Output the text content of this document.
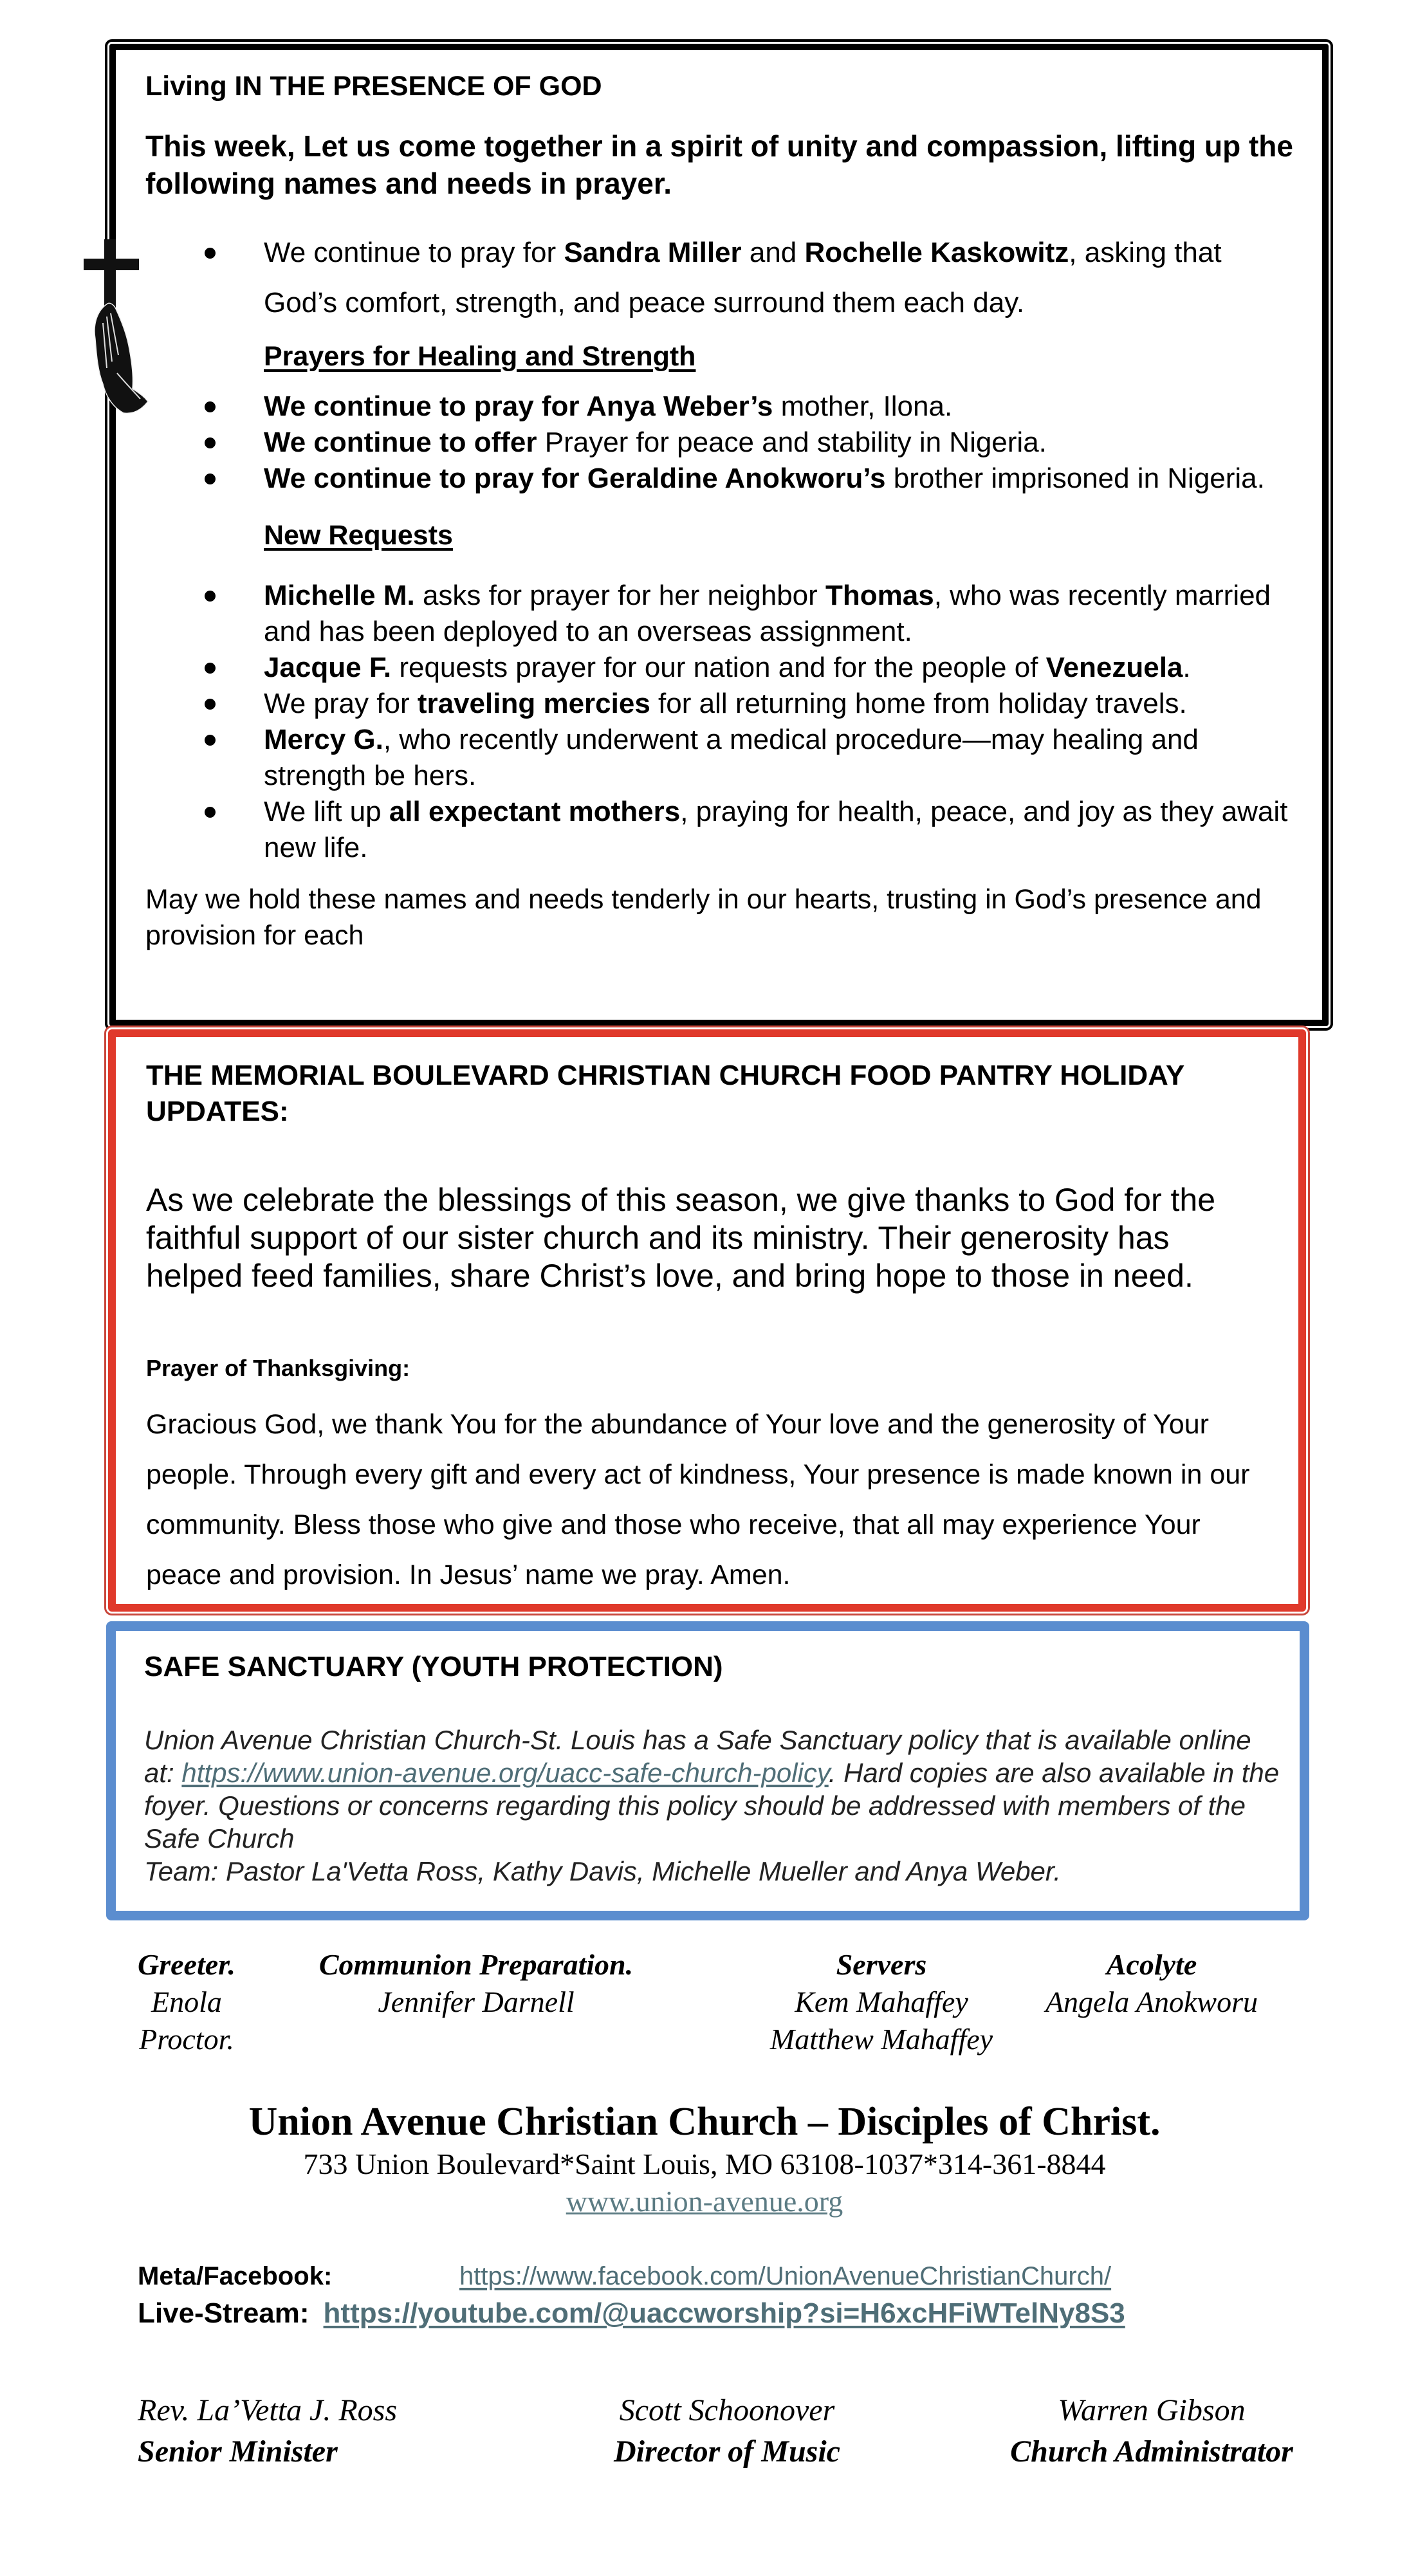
Living IN THE PRESENCE OF GOD
This week, Let us come together in a spirit of unity and compassion, lifting up the following names and needs in prayer.
We continue to pray for Sandra Miller and Rochelle Kaskowitz, asking that God’s comfort, strength, and peace surround them each day.
Prayers for Healing and Strength
We continue to pray for Anya Weber’s mother, Ilona.
We continue to offer Prayer for peace and stability in Nigeria.
We continue to pray for Geraldine Anokworu’s brother imprisoned in Nigeria.
New Requests
Michelle M. asks for prayer for her neighbor Thomas, who was recently married and has been deployed to an overseas assignment.
Jacque F. requests prayer for our nation and for the people of Venezuela.
We pray for traveling mercies for all returning home from holiday travels.
Mercy G., who recently underwent a medical procedure—may healing and strength be hers.
We lift up all expectant mothers, praying for health, peace, and joy as they await new life.
May we hold these names and needs tenderly in our hearts, trusting in God’s presence and provision for each
THE MEMORIAL BOULEVARD CHRISTIAN CHURCH FOOD PANTRY HOLIDAY UPDATES:
As we celebrate the blessings of this season, we give thanks to God for the faithful support of our sister church and its ministry. Their generosity has helped feed families, share Christ’s love, and bring hope to those in need.
Prayer of Thanksgiving:
Gracious God, we thank You for the abundance of Your love and the generosity of Your people. Through every gift and every act of kindness, Your presence is made known in our community. Bless those who give and those who receive, that all may experience Your peace and provision. In Jesus’ name we pray. Amen.
SAFE SANCTUARY (YOUTH PROTECTION)
Union Avenue Christian Church-St. Louis has a Safe Sanctuary policy that is available online at: https://www.union-avenue.org/uacc-safe-church-policy. Hard copies are also available in the foyer. Questions or concerns regarding this policy should be addressed with members of the Safe Church
Team: Pastor La'Vetta Ross, Kathy Davis, Michelle Mueller and Anya Weber.
Greeter.
Enola Proctor.
Communion Preparation.
Jennifer Darnell
Servers
Kem Mahaffey
Matthew Mahaffey
Acolyte
Angela Anokworu
Union Avenue Christian Church – Disciples of Christ.
733 Union Boulevard*Saint Louis, MO 63108-1037*314-361-8844
www.union-avenue.org
Meta/Facebook:	https://www.facebook.com/UnionAvenueChristianChurch/
Live-Stream: https://youtube.com/@uaccworship?si=H6xcHFiWTelNy8S3
Rev. La’Vetta J. Ross
Senior Minister
Scott Schoonover
Director of Music
Warren Gibson
Church Administrator
